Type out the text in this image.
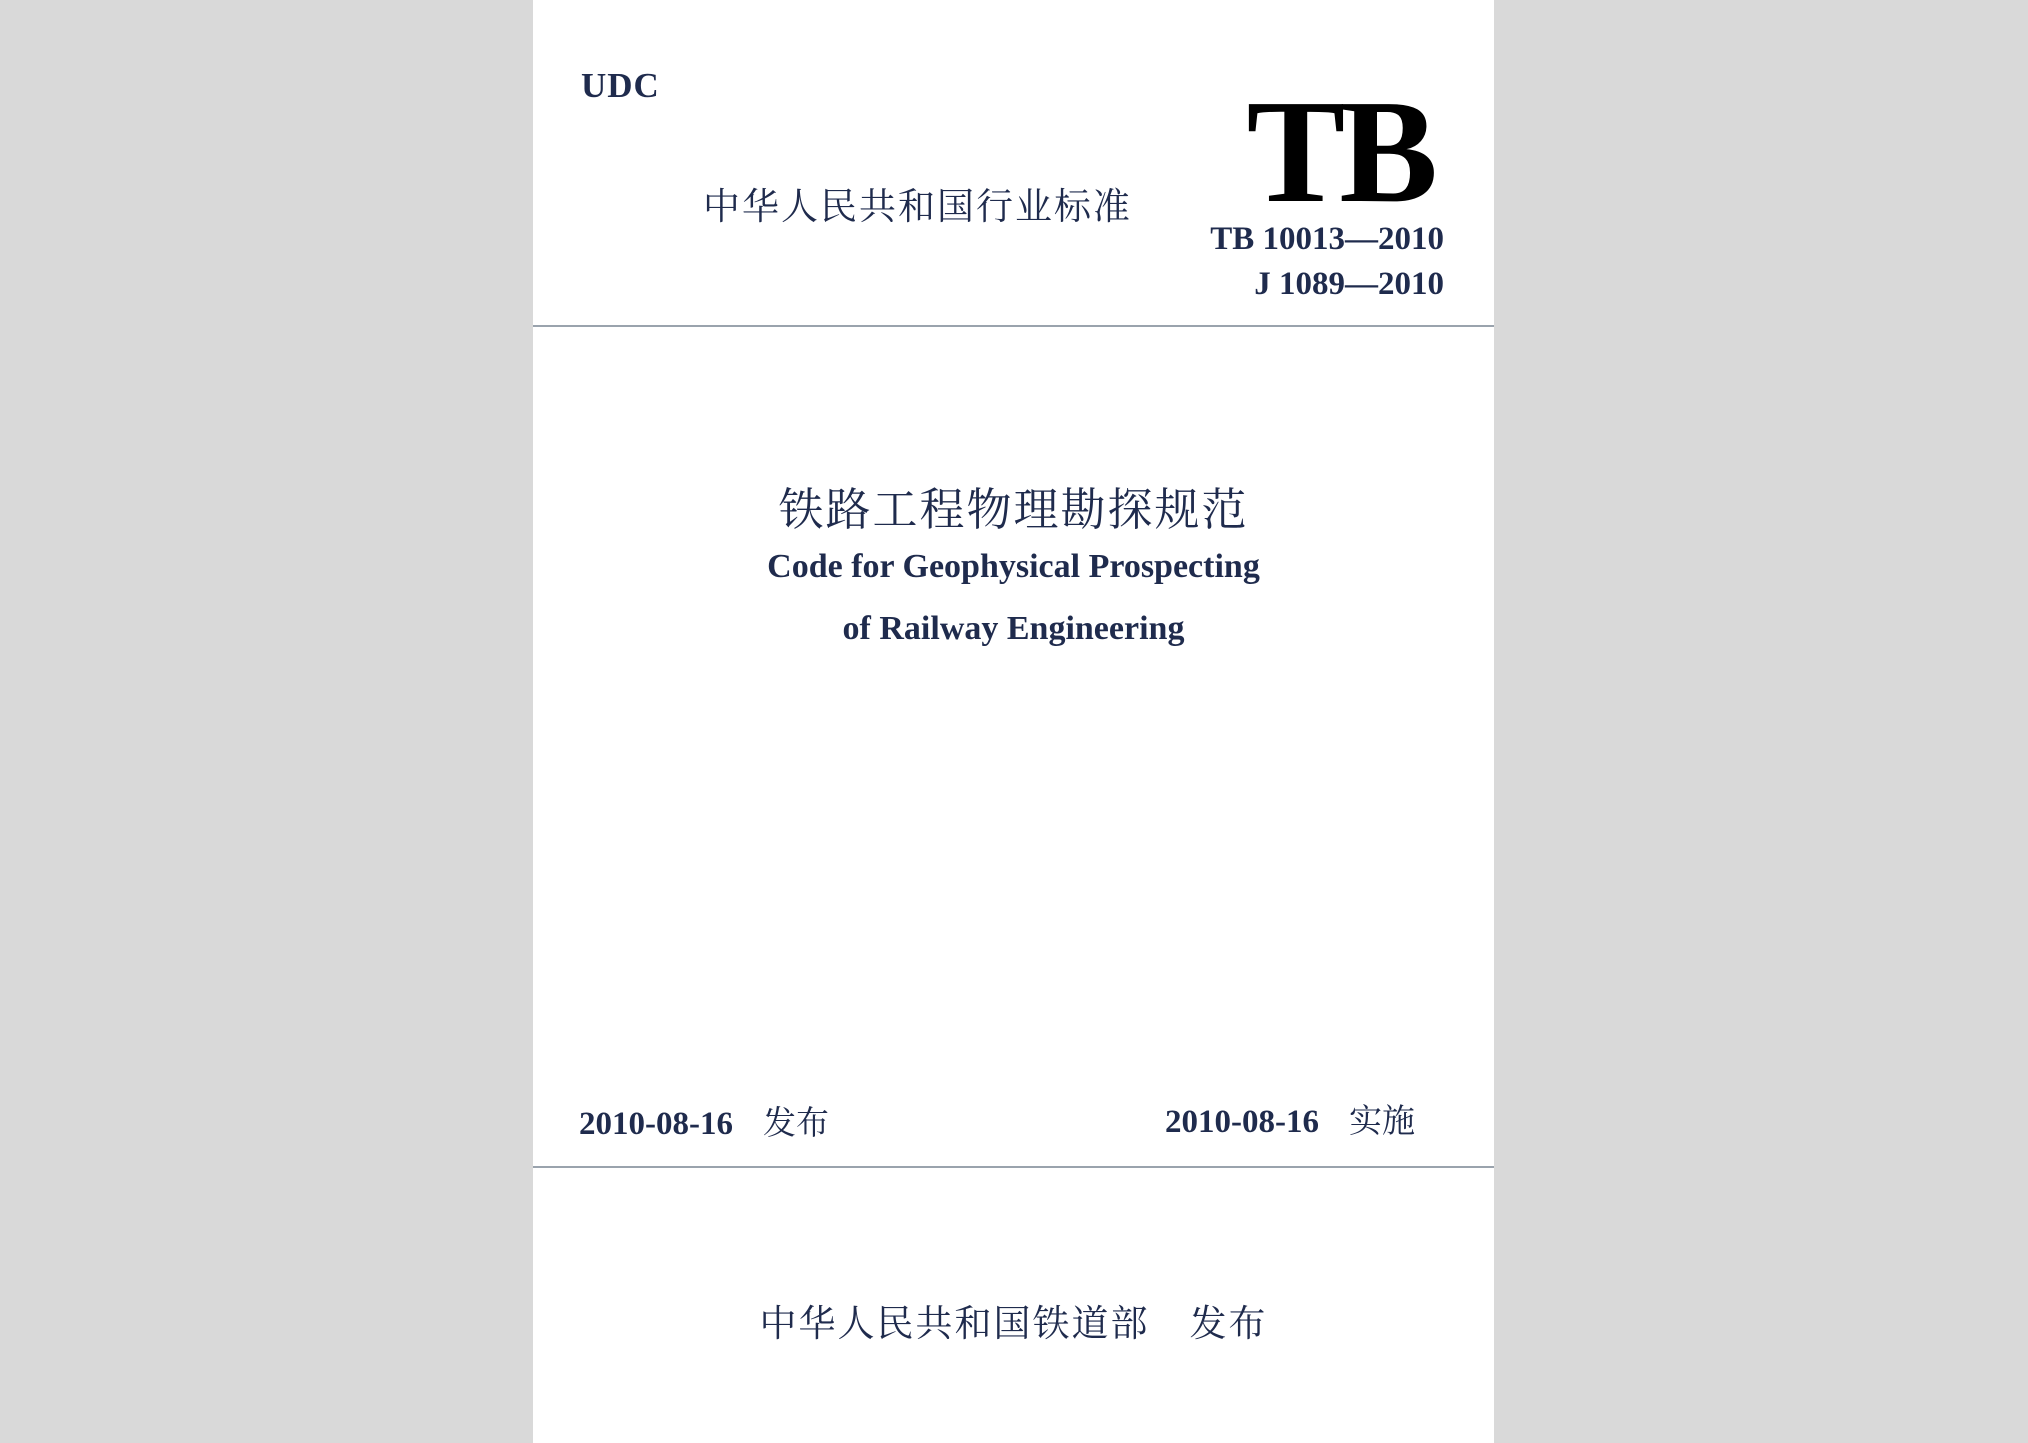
UDC
中华人民共和国行业标准 TB
TB 10013—2010
J 1089—2010
铁路工程物理勘探规范
Code for Geophysical Prospecting
of Railway Engineering
2010-08-16 发布	2010-08-16 实施
中华人民共和国铁道部 发布
